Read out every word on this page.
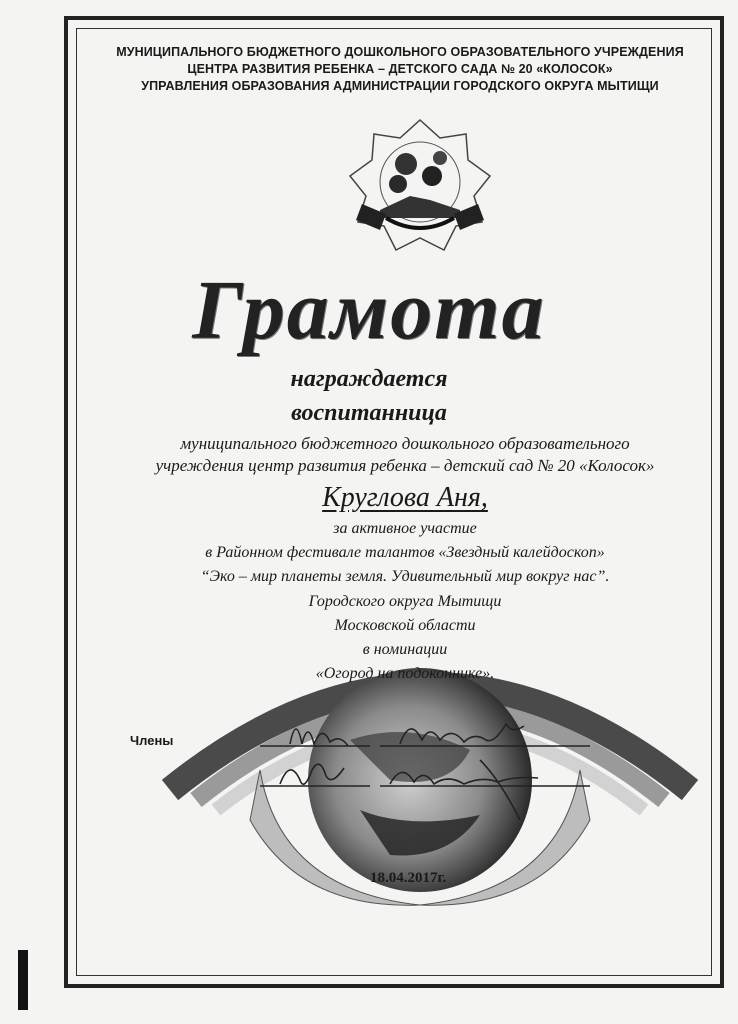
МУНИЦИПАЛЬНОГО БЮДЖЕТНОГО ДОШКОЛЬНОГО ОБРАЗОВАТЕЛЬНОГО УЧРЕЖДЕНИЯ
ЦЕНТРА РАЗВИТИЯ РЕБЕНКА – ДЕТСКОГО САДА № 20 «КОЛОСОК»
УПРАВЛЕНИЯ ОБРАЗОВАНИЯ АДМИНИСТРАЦИИ ГОРОДСКОГО ОКРУГА МЫТИЩИ
Грамота
награждается
воспитанница
муниципального бюджетного дошкольного образовательного
учреждения центр развития ребенка – детский сад № 20 «Колосок»
Круглова Аня,
за активное участие
в Районном фестивале талантов «Звездный калейдоскоп»
“Эко – мир планеты земля. Удивительный мир вокруг нас”.
Городского округа Мытищи
Московской области
в номинации
«Огород на подоконнике».
Члены
18.04.2017г.
